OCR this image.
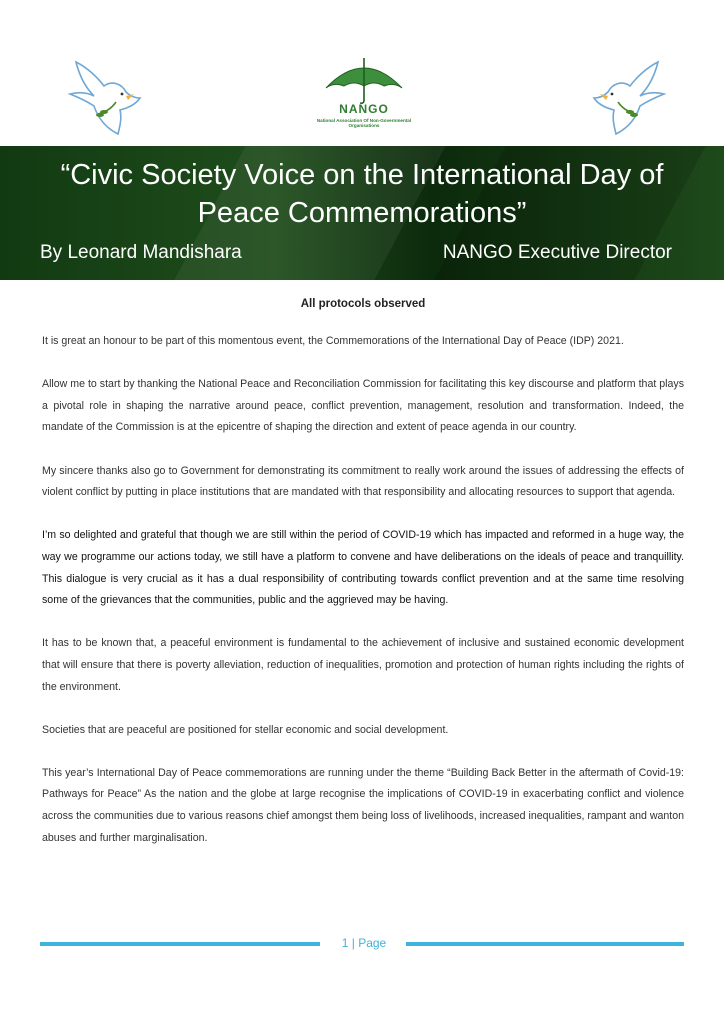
NANGO
National Association Of Non-Governmental Organisations
“Civic Society Voice on the International Day of Peace Commemorations”
By Leonard Mandishara	NANGO Executive Director

All protocols observed

It is great an honour to be part of this momentous event, the Commemorations of the International Day of Peace (IDP) 2021.

Allow me to start by thanking the National Peace and Reconciliation Commission for facilitating this key discourse and platform that plays a pivotal role in shaping the narrative around peace, conflict prevention, management, resolution and transformation. Indeed, the mandate of the Commission is at the epicentre of shaping the direction and extent of peace agenda in our country.

My sincere thanks also go to Government for demonstrating its commitment to really work around the issues of addressing the effects of violent conflict by putting in place institutions that are mandated with that responsibility and allocating resources to support that agenda.

I’m so delighted and grateful that though we are still within the period of COVID-19 which has impacted and reformed in a huge way, the way we programme our actions today, we still have a platform to convene and have deliberations on the ideals of peace and tranquillity. This dialogue is very crucial as it has a dual responsibility of contributing towards conflict prevention and at the same time resolving some of the grievances that the communities, public and the aggrieved may be having.

It has to be known that, a peaceful environment is fundamental to the achievement of inclusive and sustained economic development that will ensure that there is poverty alleviation, reduction of inequalities, promotion and protection of human rights including the rights of the environment.

Societies that are peaceful are positioned for stellar economic and social development.

This year’s International Day of Peace commemorations are running under the theme “Building Back Better in the aftermath of Covid-19: Pathways for Peace” As the nation and the globe at large recognise the implications of COVID-19 in exacerbating conflict and violence across the communities due to various reasons chief amongst them being loss of livelihoods, increased inequalities, rampant and wanton abuses and further marginalisation.

1 | Page
